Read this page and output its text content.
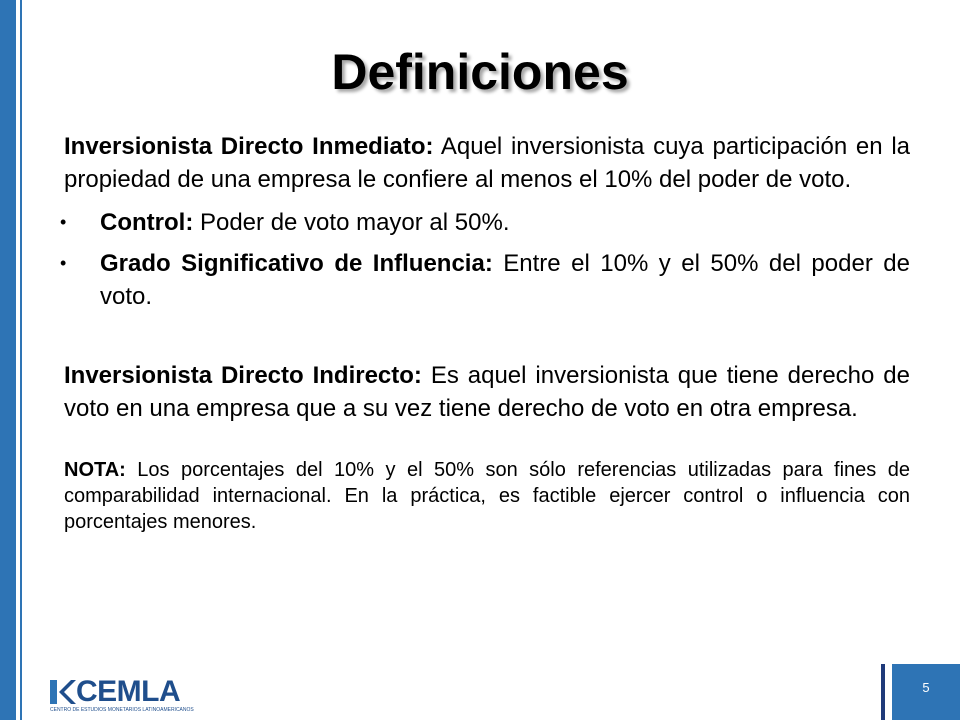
Definiciones

Inversionista Directo Inmediato: Aquel inversionista cuya participación en la propiedad de una empresa le confiere al menos el 10% del poder de voto.

• Control: Poder de voto mayor al 50%.
• Grado Significativo de Influencia: Entre el 10% y el 50% del poder de voto.

Inversionista Directo Indirecto: Es aquel inversionista que tiene derecho de voto en una empresa que a su vez tiene derecho de voto en otra empresa.

NOTA: Los porcentajes del 10% y el 50% son sólo referencias utilizadas para fines de comparabilidad internacional. En la práctica, es factible ejercer control o influencia con porcentajes menores.

CEMLA
CENTRO DE ESTUDIOS MONETARIOS LATINOAMERICANOS
5
